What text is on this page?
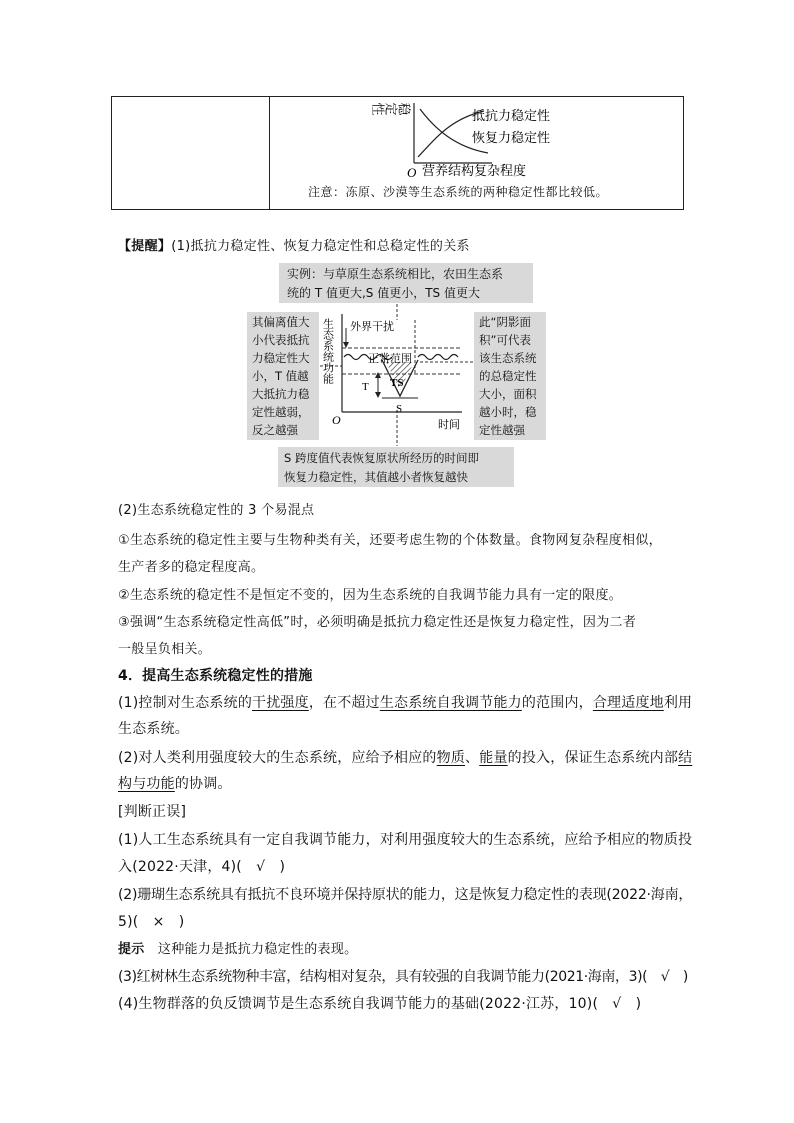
O
抵抗力稳定性
恢复力稳定性
营养结构复杂程度
稳定性
注意：冻原、沙漠等生态系统的两种稳定性都比较低。
【提醒】(1)抵抗力稳定性、恢复力稳定性和总稳定性的关系
实例：与草原生态系统相比，农田生态系
统的 T 值更大,S 值更小，TS 值更大
其偏离值大
小代表抵抗
力稳定性大
小，T 值越
大抵抗力稳
定性越弱，
反之越强
此“阴影面
积”可代表
该生态系统
的总稳定性
大小，面积
越小时，稳
定性越强
生态系统功能 外界干扰
正常范围
T TS
S
O	时间
S 跨度值代表恢复原状所经历的时间即
恢复力稳定性，其值越小者恢复越快
(2)生态系统稳定性的 3 个易混点
①生态系统的稳定性主要与生物种类有关，还要考虑生物的个体数量。食物网复杂程度相似，
生产者多的稳定程度高。
②生态系统的稳定性不是恒定不变的，因为生态系统的自我调节能力具有一定的限度。
③强调“生态系统稳定性高低”时，必须明确是抵抗力稳定性还是恢复力稳定性，因为二者
一般呈负相关。
4．提高生态系统稳定性的措施
(1)控制对生态系统的干扰强度，在不超过生态系统自我调节能力的范围内，合理适度地利用
生态系统。
(2)对人类利用强度较大的生态系统，应给予相应的物质、能量的投入，保证生态系统内部结
构与功能的协调。
[判断正误]
(1)人工生态系统具有一定自我调节能力，对利用强度较大的生态系统，应给予相应的物质投
入(2022·天津，4)(　√　)
(2)珊瑚生态系统具有抵抗不良环境并保持原状的能力，这是恢复力稳定性的表现(2022·海南，
5)(　×　)
提示 这种能力是抵抗力稳定性的表现。
(3)红树林生态系统物种丰富，结构相对复杂，具有较强的自我调节能力(2021·海南，3)(　√　)
(4)生物群落的负反馈调节是生态系统自我调节能力的基础(2022·江苏，10)(　√　)
